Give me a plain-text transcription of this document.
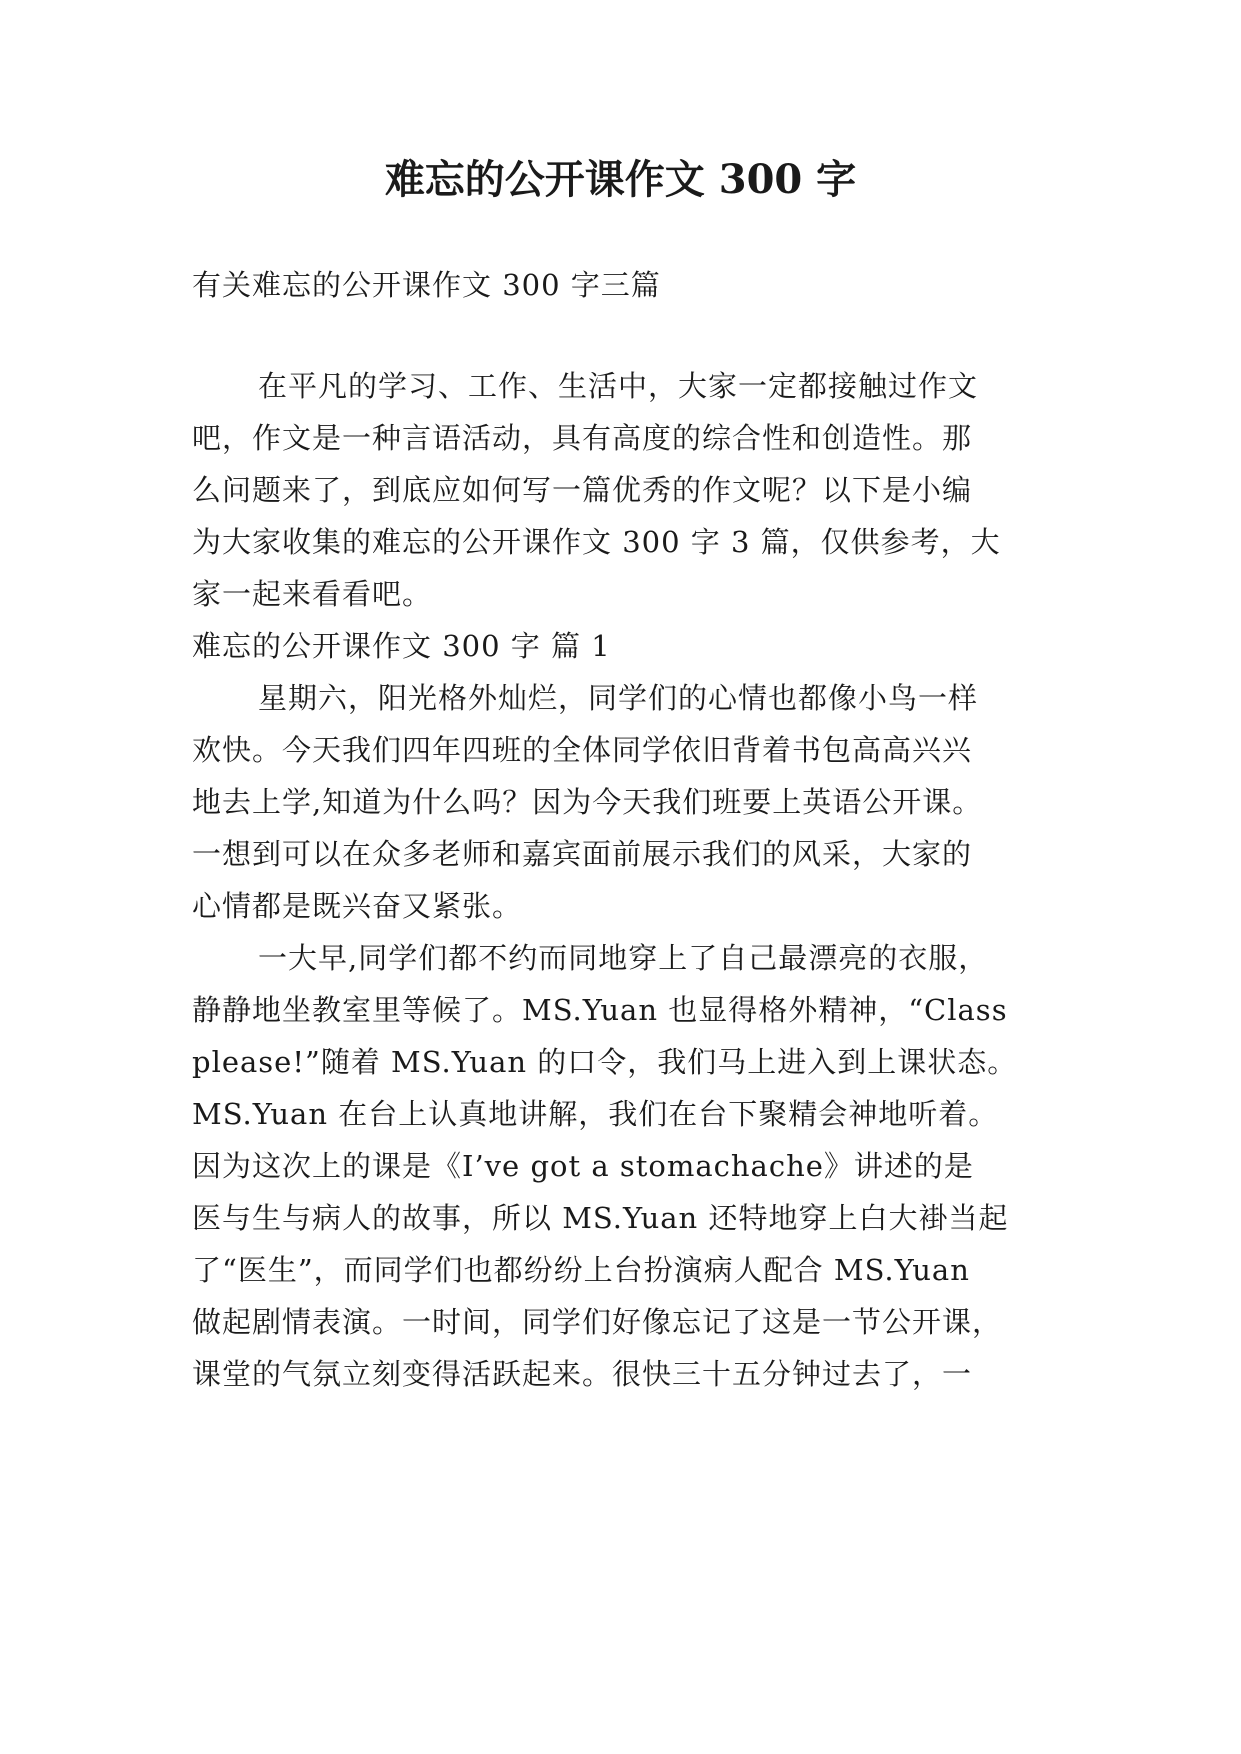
难忘的公开课作文 300 字
有关难忘的公开课作文 300 字三篇
在平凡的学习、工作、生活中，大家一定都接触过作文
吧，作文是一种言语活动，具有高度的综合性和创造性。那
么问题来了，到底应如何写一篇优秀的作文呢？以下是小编
为大家收集的难忘的公开课作文 300 字 3 篇，仅供参考，大
家一起来看看吧。
难忘的公开课作文 300 字 篇 1
星期六，阳光格外灿烂，同学们的心情也都像小鸟一样
欢快。今天我们四年四班的全体同学依旧背着书包高高兴兴
地去上学,知道为什么吗？因为今天我们班要上英语公开课。
一想到可以在众多老师和嘉宾面前展示我们的风采，大家的
心情都是既兴奋又紧张。
一大早,同学们都不约而同地穿上了自己最漂亮的衣服，
静静地坐教室里等候了。MS.Yuan 也显得格外精神，“Class
please!”随着 MS.Yuan 的口令，我们马上进入到上课状态。
MS.Yuan 在台上认真地讲解，我们在台下聚精会神地听着。
因为这次上的课是《I’ve got a stomachache》讲述的是
医与生与病人的故事，所以 MS.Yuan 还特地穿上白大褂当起
了“医生”，而同学们也都纷纷上台扮演病人配合 MS.Yuan
做起剧情表演。一时间，同学们好像忘记了这是一节公开课，
课堂的气氛立刻变得活跃起来。很快三十五分钟过去了，一
